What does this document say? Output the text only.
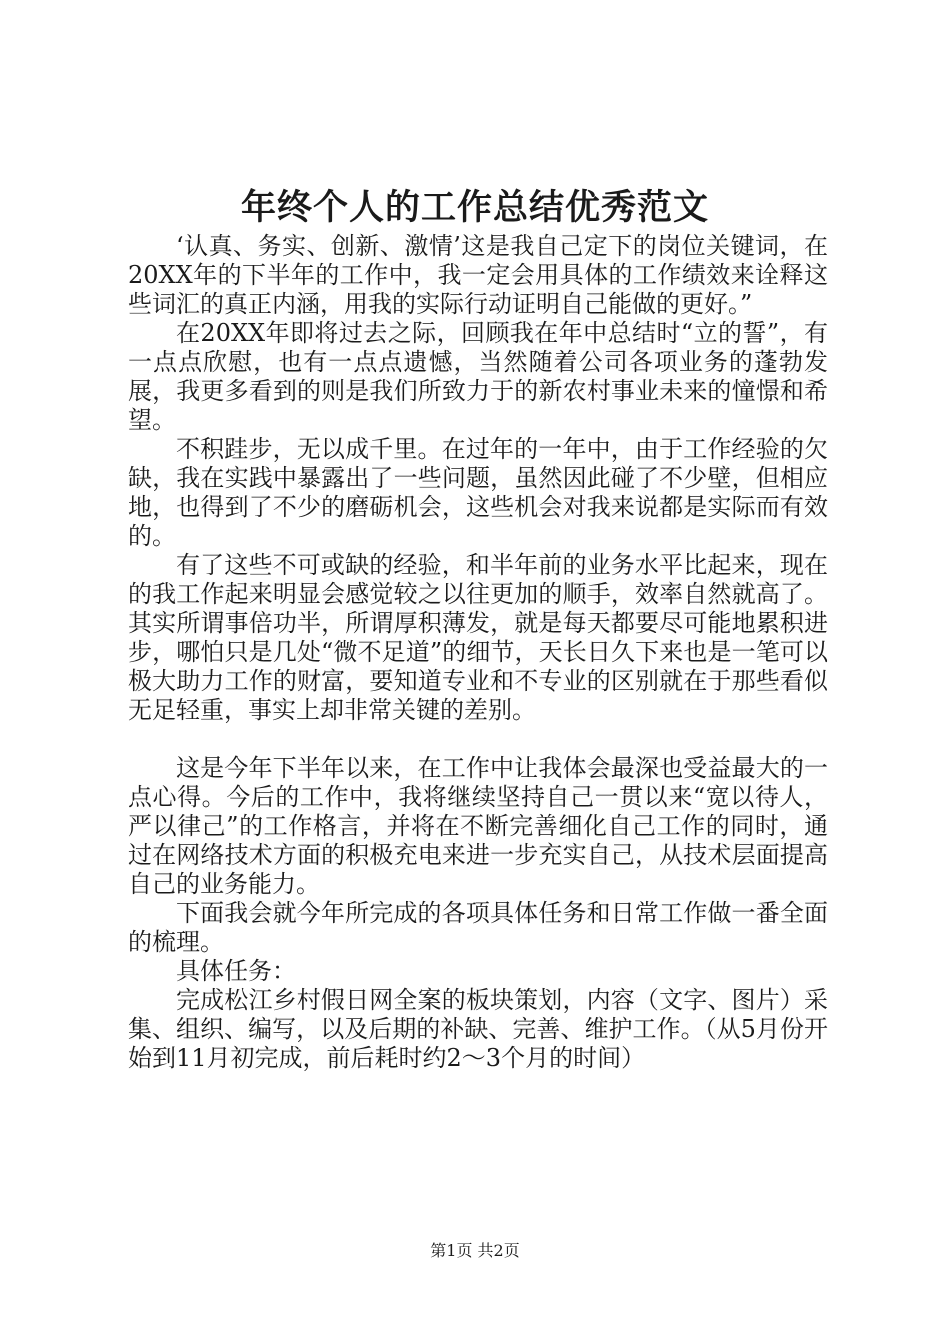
年终个人的工作总结优秀范文

‘认真、务实、创新、激情’这是我自己定下的岗位关键词，在20XX年的下半年的工作中，我一定会用具体的工作绩效来诠释这些词汇的真正内涵，用我的实际行动证明自己能做的更好。”

在20XX年即将过去之际，回顾我在年中总结时“立的誓”，有一点点欣慰，也有一点点遗憾，当然随着公司各项业务的蓬勃发展，我更多看到的则是我们所致力于的新农村事业未来的憧憬和希望。

不积跬步，无以成千里。在过年的一年中，由于工作经验的欠缺，我在实践中暴露出了一些问题，虽然因此碰了不少壁，但相应地，也得到了不少的磨砺机会，这些机会对我来说都是实际而有效的。

有了这些不可或缺的经验，和半年前的业务水平比起来，现在的我工作起来明显会感觉较之以往更加的顺手，效率自然就高了。其实所谓事倍功半，所谓厚积薄发，就是每天都要尽可能地累积进步，哪怕只是几处“微不足道”的细节，天长日久下来也是一笔可以极大助力工作的财富，要知道专业和不专业的区别就在于那些看似无足轻重，事实上却非常关键的差别。

这是今年下半年以来，在工作中让我体会最深也受益最大的一点心得。今后的工作中，我将继续坚持自己一贯以来“宽以待人，严以律己”的工作格言，并将在不断完善细化自己工作的同时，通过在网络技术方面的积极充电来进一步充实自己，从技术层面提高自己的业务能力。

下面我会就今年所完成的各项具体任务和日常工作做一番全面的梳理。

具体任务：

完成松江乡村假日网全案的板块策划，内容（文字、图片）采集、组织、编写，以及后期的补缺、完善、维护工作。（从5月份开始到11月初完成，前后耗时约2～3个月的时间）

第1页 共2页
